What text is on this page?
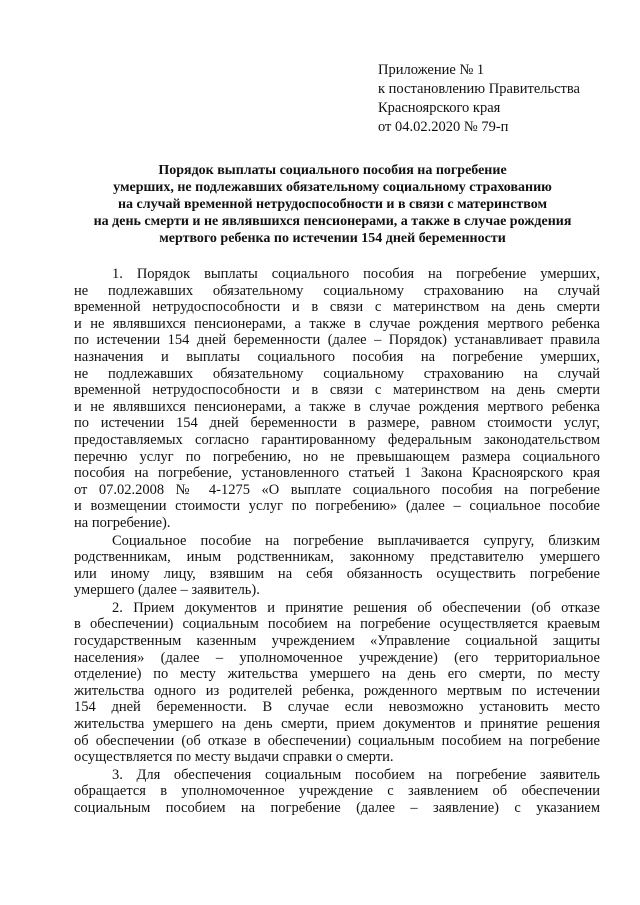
Приложение № 1
к постановлению Правительства
Красноярского края
от 04.02.2020 № 79-п
Порядок выплаты социального пособия на погребение
умерших, не подлежавших обязательному социальному страхованию
на случай временной нетрудоспособности и в связи с материнством
на день смерти и не являвшихся пенсионерами, а также в случае рождения
мертвого ребенка по истечении 154 дней беременности
1. Порядок выплаты социального пособия на погребение умерших,
не подлежавших обязательному социальному страхованию на случай
временной нетрудоспособности и в связи с материнством на день смерти
и не являвшихся пенсионерами, а также в случае рождения мертвого ребенка
по истечении 154 дней беременности (далее – Порядок) устанавливает правила
назначения и выплаты социального пособия на погребение умерших,
не подлежавших обязательному социальному страхованию на случай
временной нетрудоспособности и в связи с материнством на день смерти
и не являвшихся пенсионерами, а также в случае рождения мертвого ребенка
по истечении 154 дней беременности в размере, равном стоимости услуг,
предоставляемых согласно гарантированному федеральным законодательством
перечню услуг по погребению, но не превышающем размера социального
пособия на погребение, установленного статьей 1 Закона Красноярского края
от 07.02.2008 № 4-1275 «О выплате социального пособия на погребение
и возмещении стоимости услуг по погребению» (далее – социальное пособие
на погребение).
Социальное пособие на погребение выплачивается супругу, близким
родственникам, иным родственникам, законному представителю умершего
или иному лицу, взявшим на себя обязанность осуществить погребение
умершего (далее – заявитель).
2. Прием документов и принятие решения об обеспечении (об отказе
в обеспечении) социальным пособием на погребение осуществляется краевым
государственным казенным учреждением «Управление социальной защиты
населения» (далее – уполномоченное учреждение) (его территориальное
отделение) по месту жительства умершего на день его смерти, по месту
жительства одного из родителей ребенка, рожденного мертвым по истечении
154 дней беременности. В случае если невозможно установить место
жительства умершего на день смерти, прием документов и принятие решения
об обеспечении (об отказе в обеспечении) социальным пособием на погребение
осуществляется по месту выдачи справки о смерти.
3. Для обеспечения социальным пособием на погребение заявитель
обращается в уполномоченное учреждение с заявлением об обеспечении
социальным пособием на погребение (далее – заявление) с указанием
